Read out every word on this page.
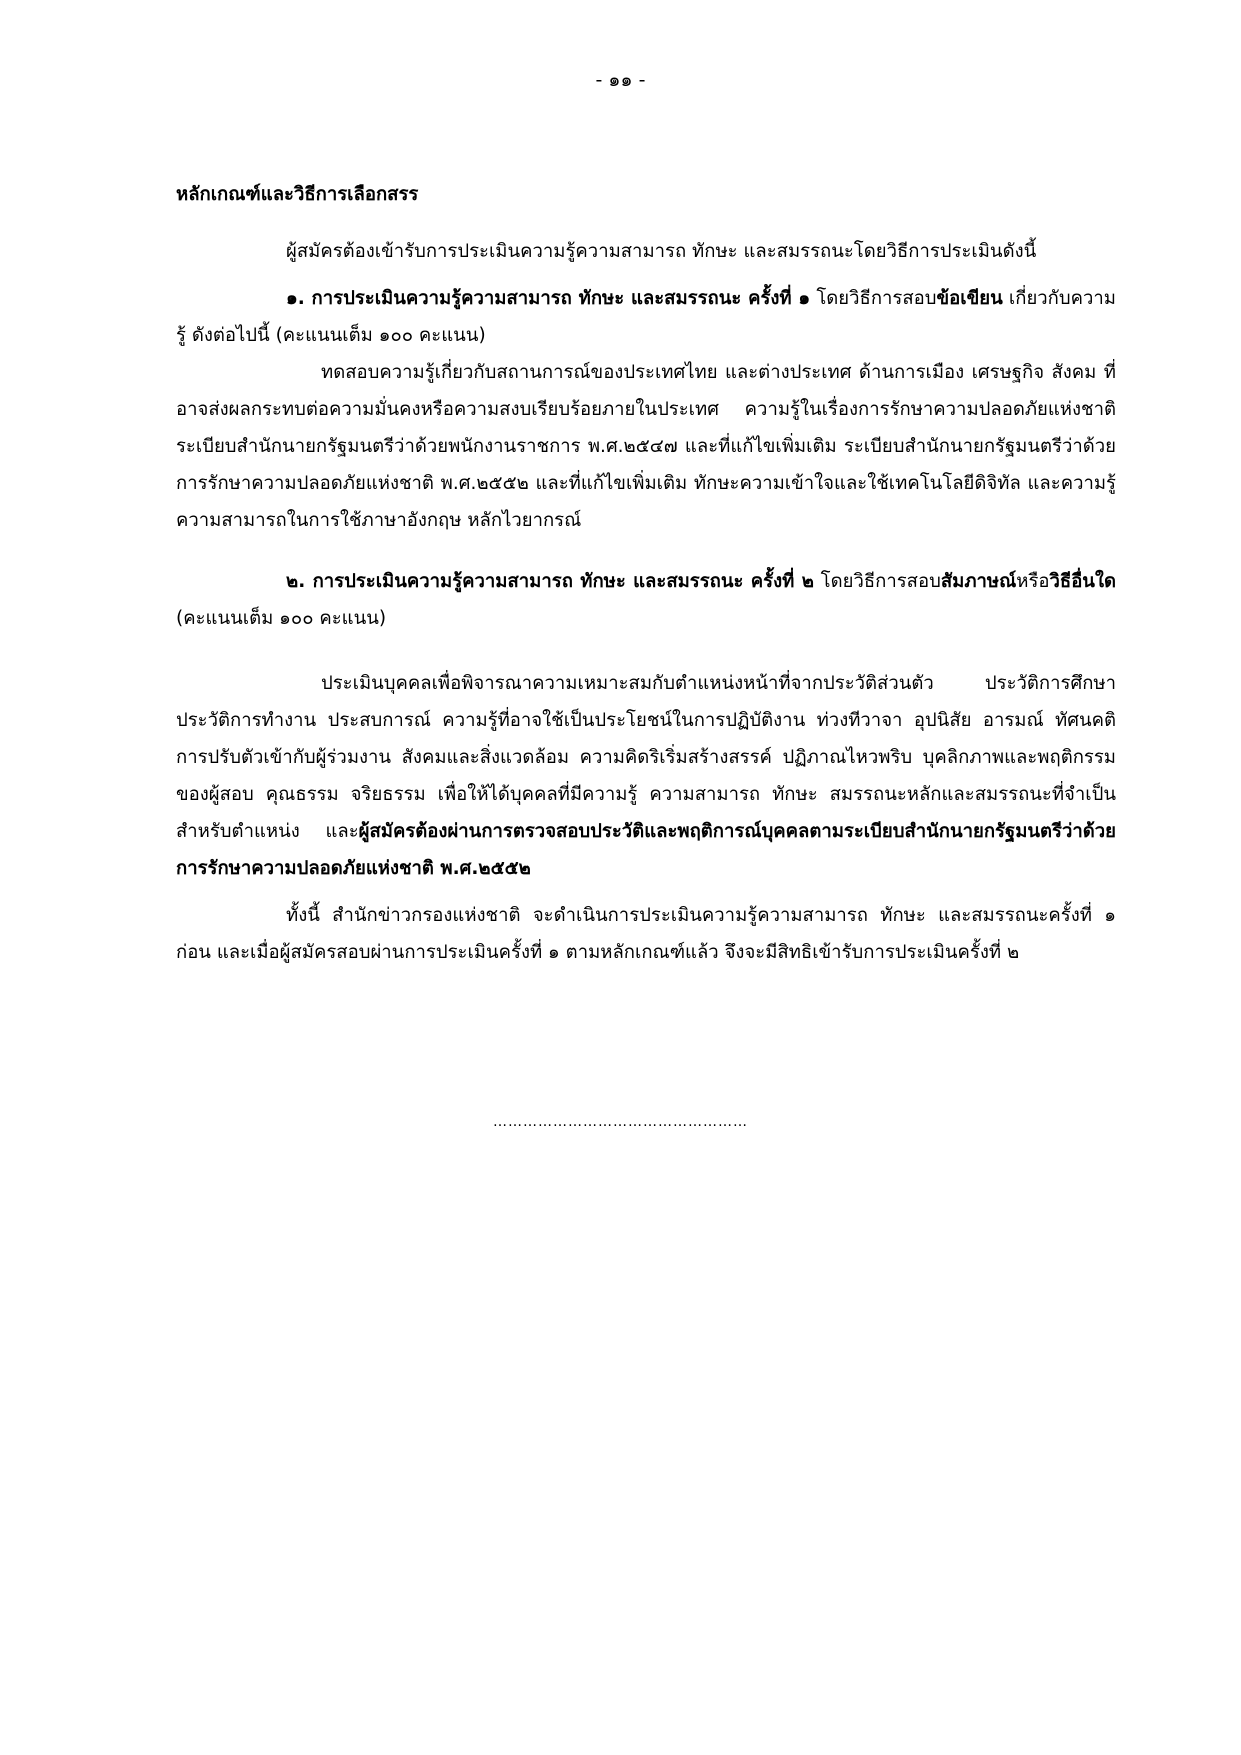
- ๑๑ -

หลักเกณฑ์และวิธีการเลือกสรร

ผู้สมัครต้องเข้ารับการประเมินความรู้ความสามารถ ทักษะ และสมรรถนะโดยวิธีการประเมินดังนี้

๑. การประเมินความรู้ความสามารถ ทักษะ และสมรรถนะ ครั้งที่ ๑ โดยวิธีการสอบข้อเขียน เกี่ยวกับความรู้ ดังต่อไปนี้ (คะแนนเต็ม ๑๐๐ คะแนน)

ทดสอบความรู้เกี่ยวกับสถานการณ์ของประเทศไทย และต่างประเทศ ด้านการเมือง เศรษฐกิจ สังคม ที่อาจส่งผลกระทบต่อความมั่นคงหรือความสงบเรียบร้อยภายในประเทศ ความรู้ในเรื่องการรักษาความปลอดภัยแห่งชาติ ระเบียบสำนักนายกรัฐมนตรีว่าด้วยพนักงานราชการ พ.ศ.๒๕๔๗ และที่แก้ไขเพิ่มเติม ระเบียบสำนักนายกรัฐมนตรีว่าด้วยการรักษาความปลอดภัยแห่งชาติ พ.ศ.๒๕๕๒ และที่แก้ไขเพิ่มเติม ทักษะความเข้าใจและใช้เทคโนโลยีดิจิทัล และความรู้ความสามารถในการใช้ภาษาอังกฤษ หลักไวยากรณ์

๒. การประเมินความรู้ความสามารถ ทักษะ และสมรรถนะ ครั้งที่ ๒ โดยวิธีการสอบสัมภาษณ์หรือวิธีอื่นใด (คะแนนเต็ม ๑๐๐ คะแนน)

ประเมินบุคคลเพื่อพิจารณาความเหมาะสมกับตำแหน่งหน้าที่จากประวัติส่วนตัว ประวัติการศึกษา ประวัติการทำงาน ประสบการณ์ ความรู้ที่อาจใช้เป็นประโยชน์ในการปฏิบัติงาน ท่วงทีวาจา อุปนิสัย อารมณ์ ทัศนคติ การปรับตัวเข้ากับผู้ร่วมงาน สังคมและสิ่งแวดล้อม ความคิดริเริ่มสร้างสรรค์ ปฏิภาณไหวพริบ บุคลิกภาพและพฤติกรรมของผู้สอบ คุณธรรม จริยธรรม เพื่อให้ได้บุคคลที่มีความรู้ ความสามารถ ทักษะ สมรรถนะหลักและสมรรถนะที่จำเป็นสำหรับตำแหน่ง และผู้สมัครต้องผ่านการตรวจสอบประวัติและพฤติการณ์บุคคลตามระเบียบสำนักนายกรัฐมนตรีว่าด้วยการรักษาความปลอดภัยแห่งชาติ พ.ศ.๒๕๕๒

ทั้งนี้ สำนักข่าวกรองแห่งชาติ จะดำเนินการประเมินความรู้ความสามารถ ทักษะ และสมรรถนะครั้งที่ ๑ ก่อน และเมื่อผู้สมัครสอบผ่านการประเมินครั้งที่ ๑ ตามหลักเกณฑ์แล้ว จึงจะมีสิทธิเข้ารับการประเมินครั้งที่ ๒

……………………………………………
